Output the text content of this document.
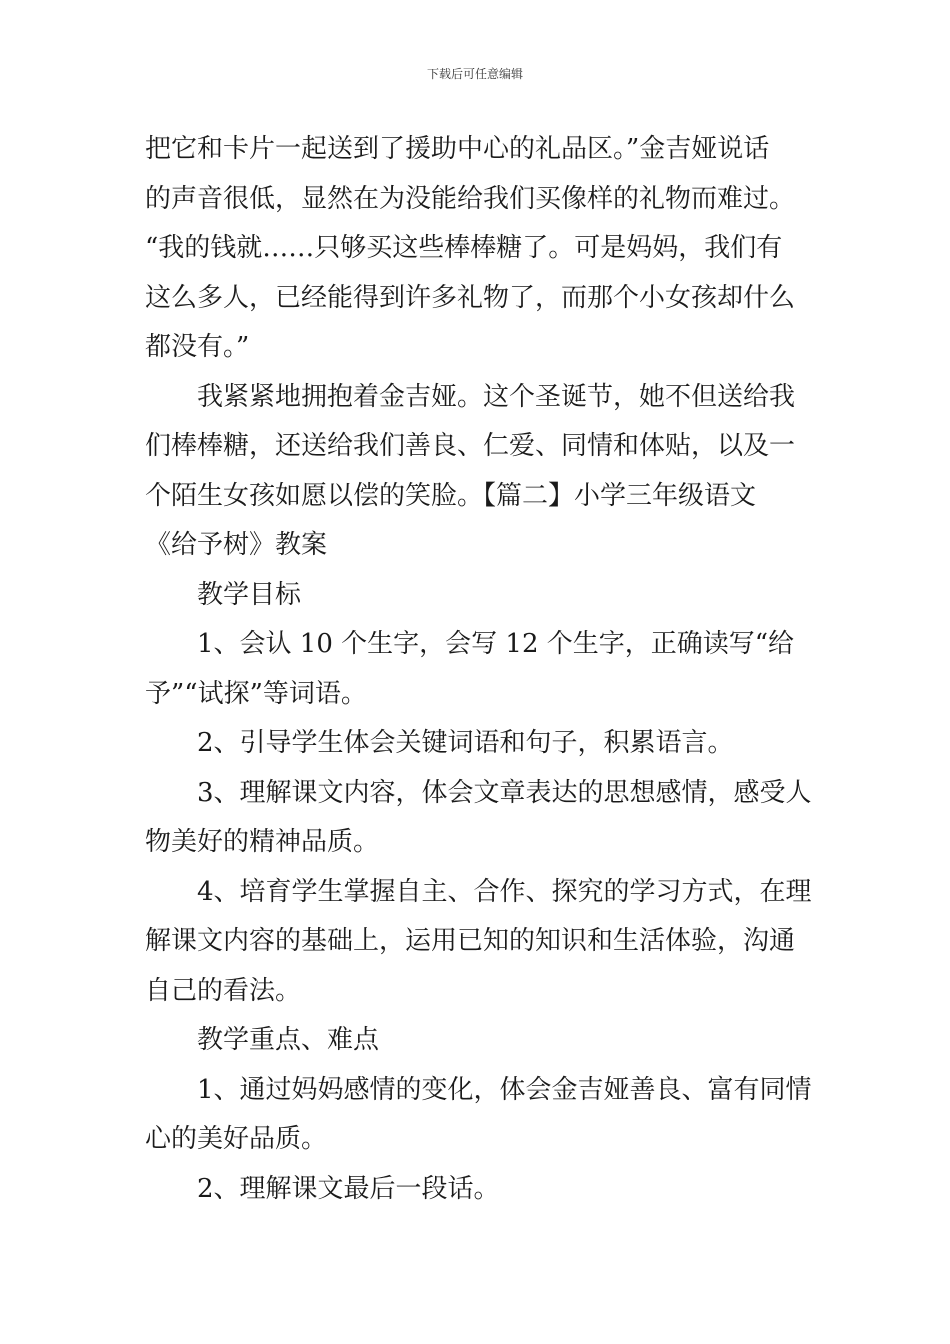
下载后可任意编辑
把它和卡片一起送到了援助中心的礼品区。”金吉娅说话
的声音很低，显然在为没能给我们买像样的礼物而难过。
“我的钱就……只够买这些棒棒糖了。可是妈妈，我们有
这么多人，已经能得到许多礼物了，而那个小女孩却什么
都没有。”
我紧紧地拥抱着金吉娅。这个圣诞节，她不但送给我
们棒棒糖，还送给我们善良、仁爱、同情和体贴，以及一
个陌生女孩如愿以偿的笑脸。【篇二】小学三年级语文
《给予树》教案
教学目标
1、会认 10 个生字，会写 12 个生字，正确读写“给
予”“试探”等词语。
2、引导学生体会关键词语和句子，积累语言。
3、理解课文内容，体会文章表达的思想感情，感受人
物美好的精神品质。
4、培育学生掌握自主、合作、探究的学习方式，在理
解课文内容的基础上，运用已知的知识和生活体验，沟通
自己的看法。
教学重点、难点
1、通过妈妈感情的变化，体会金吉娅善良、富有同情
心的美好品质。
2、理解课文最后一段话。
